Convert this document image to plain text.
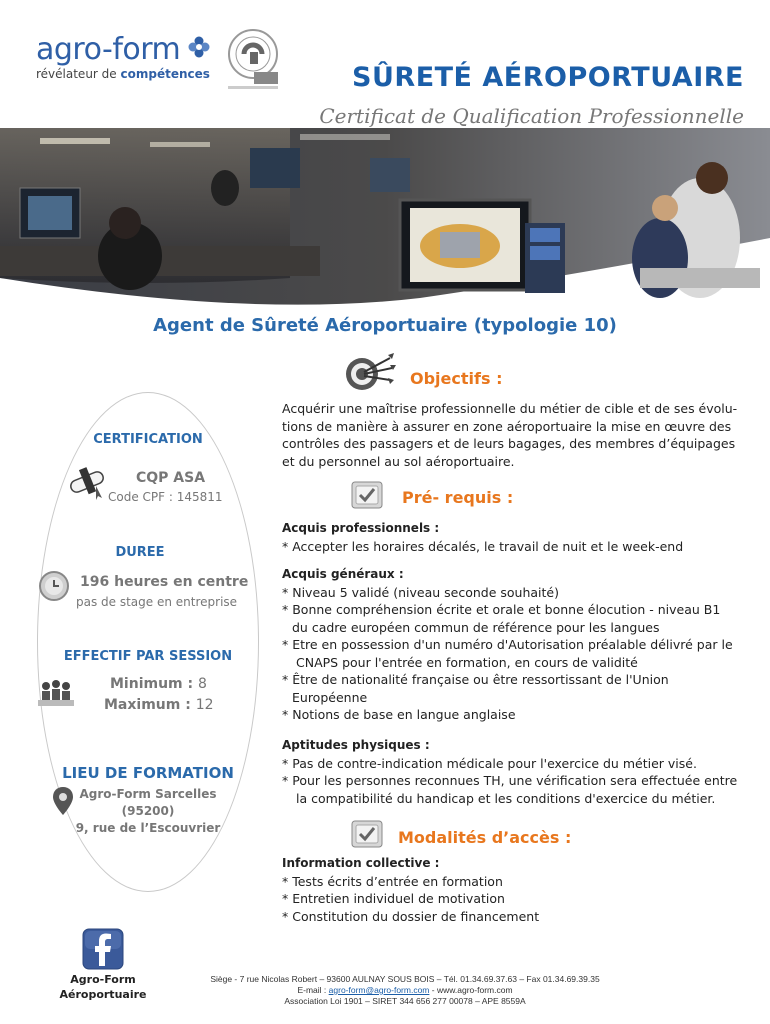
agro-form
révélateur de compétences	SÛRETÉ AÉROPORTUAIRE
Certificat de Qualification Professionnelle
Agent de Sûreté Aéroportuaire (typologie 10)
CERTIFICATION
CQP ASA
Code CPF : 145811
DUREE
196 heures en centre
pas de stage en entreprise
EFFECTIF PAR SESSION
Minimum : 8
Maximum : 12
LIEU DE FORMATION
Agro-Form Sarcelles
(95200)
9, rue de l’Escouvrier
Objectifs :
Acquérir une maîtrise professionnelle du métier de cible et de ses évolu-
tions de manière à assurer en zone aéroportuaire la mise en œuvre des
contrôles des passagers et de leurs bagages, des membres d’équipages
et du personnel au sol aéroportuaire.
Pré- requis :
Acquis professionnels :
* Accepter les horaires décalés, le travail de nuit et le week-end
Acquis généraux :
* Niveau 5 validé (niveau seconde souhaité)
* Bonne compréhension écrite et orale et bonne élocution - niveau B1
du cadre européen commun de référence pour les langues
* Etre en possession d'un numéro d'Autorisation préalable délivré par le
CNAPS pour l'entrée en formation, en cours de validité
* Être de nationalité française ou être ressortissant de l'Union
Européenne
* Notions de base en langue anglaise
Aptitudes physiques :
* Pas de contre-indication médicale pour l'exercice du métier visé.
* Pour les personnes reconnues TH, une vérification sera effectuée entre
la compatibilité du handicap et les conditions d'exercice du métier.
Modalités d’accès :
Information collective :
* Tests écrits d’entrée en formation
* Entretien individuel de motivation
* Constitution du dossier de financement
Agro-Form
Aéroportuaire
Siège - 7 rue Nicolas Robert – 93600 AULNAY SOUS BOIS – Tél. 01.34.69.37.63 – Fax 01.34.69.39.35
E-mail : agro-form@agro-form.com - www.agro-form.com
Association Loi 1901 – SIRET 344 656 277 00078 – APE 8559A
